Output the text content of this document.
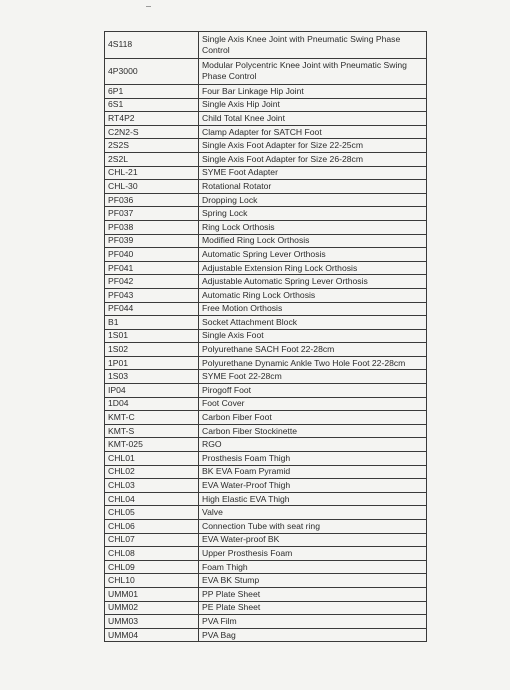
4S118	Single Axis Knee Joint with Pneumatic Swing Phase Control
4P3000	Modular Polycentric Knee Joint with Pneumatic Swing Phase Control
6P1	Four Bar Linkage Hip Joint
6S1	Single Axis Hip Joint
RT4P2	Child Total Knee Joint
C2N2-S	Clamp Adapter for SATCH Foot
2S2S	Single Axis Foot Adapter for Size 22-25cm
2S2L	Single Axis Foot Adapter for Size 26-28cm
CHL-21	SYME Foot Adapter
CHL-30	Rotational Rotator
PF036	Dropping Lock
PF037	Spring Lock
PF038	Ring Lock Orthosis
PF039	Modified Ring Lock Orthosis
PF040	Automatic Spring Lever Orthosis
PF041	Adjustable Extension Ring Lock Orthosis
PF042	Adjustable Automatic Spring Lever Orthosis
PF043	Automatic Ring Lock Orthosis
PF044	Free Motion Orthosis
B1	Socket Attachment Block
1S01	Single Axis Foot
1S02	Polyurethane SACH Foot 22-28cm
1P01	Polyurethane Dynamic Ankle Two Hole Foot 22-28cm
1S03	SYME Foot 22-28cm
IP04	Pirogoff Foot
1D04	Foot Cover
KMT-C	Carbon Fiber Foot
KMT-S	Carbon Fiber Stockinette
KMT-025	RGO
CHL01	Prosthesis Foam Thigh
CHL02	BK EVA Foam Pyramid
CHL03	EVA Water-Proof Thigh
CHL04	High Elastic EVA Thigh
CHL05	Valve
CHL06	Connection Tube with seat ring
CHL07	EVA Water-proof BK
CHL08	Upper Prosthesis Foam
CHL09	Foam Thigh
CHL10	EVA BK Stump
UMM01	PP Plate Sheet
UMM02	PE Plate Sheet
UMM03	PVA Film
UMM04	PVA Bag
